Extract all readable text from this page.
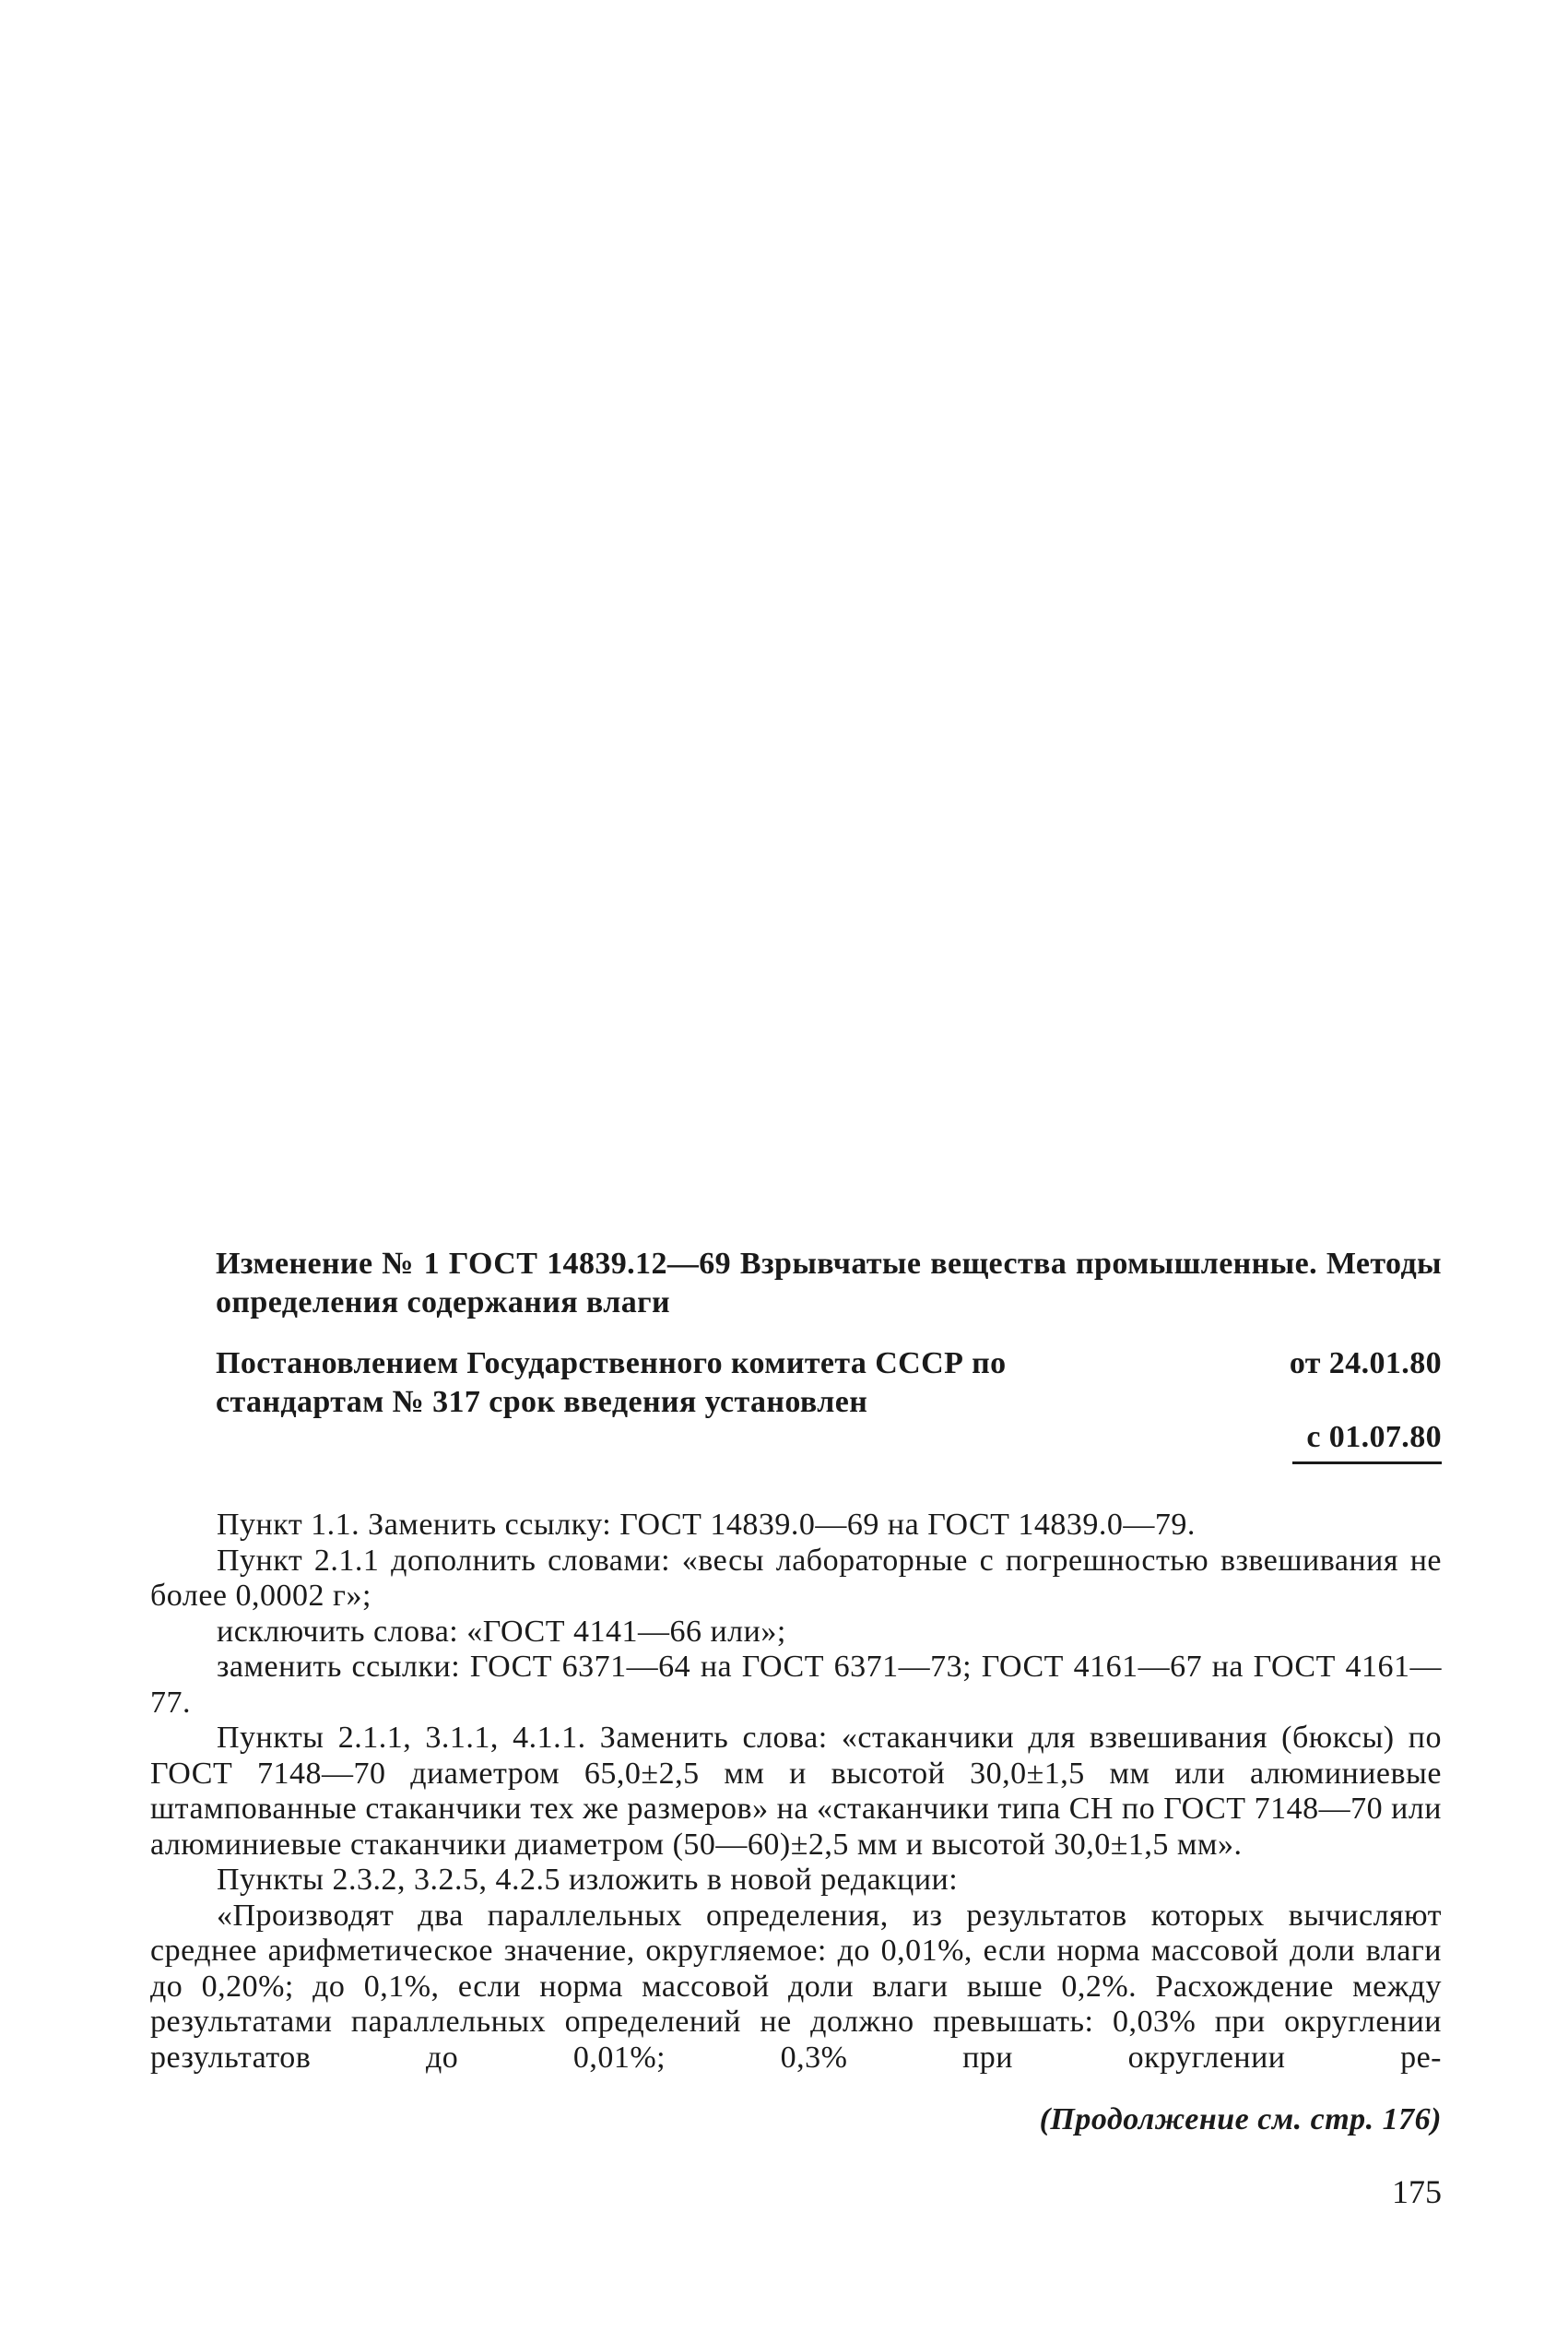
Изменение № 1 ГОСТ 14839.12—69 Взрывчатые вещества промышленные. Методы определения содержания влаги

Постановлением Государственного комитета СССР по стандартам № 317 срок введения установлен
от 24.01.80
с 01.07.80

Пункт 1.1. Заменить ссылку: ГОСТ 14839.0—69 на ГОСТ 14839.0—79.

Пункт 2.1.1 дополнить словами: «весы лабораторные с погрешностью взвешивания не более 0,0002 г»;

исключить слова: «ГОСТ 4141—66 или»;

заменить ссылки: ГОСТ 6371—64 на ГОСТ 6371—73; ГОСТ 4161—67 на ГОСТ 4161—77.

Пункты 2.1.1, 3.1.1, 4.1.1. Заменить слова: «стаканчики для взвешивания (бюксы) по ГОСТ 7148—70 диаметром 65,0±2,5 мм и высотой 30,0±1,5 мм или алюминиевые штампованные стаканчики тех же размеров» на «стаканчики типа СН по ГОСТ 7148—70 или алюминиевые стаканчики диаметром (50—60)±2,5 мм и высотой 30,0±1,5 мм».

Пункты 2.3.2, 3.2.5, 4.2.5 изложить в новой редакции:

«Производят два параллельных определения, из результатов которых вычисляют среднее арифметическое значение, округляемое: до 0,01%, если норма массовой доли влаги до 0,20%; до 0,1%, если норма массовой доли влаги выше 0,2%. Расхождение между результатами параллельных определений не должно превышать: 0,03% при округлении результатов до 0,01%; 0,3% при округлении ре-

(Продолжение см. стр. 176)
175
